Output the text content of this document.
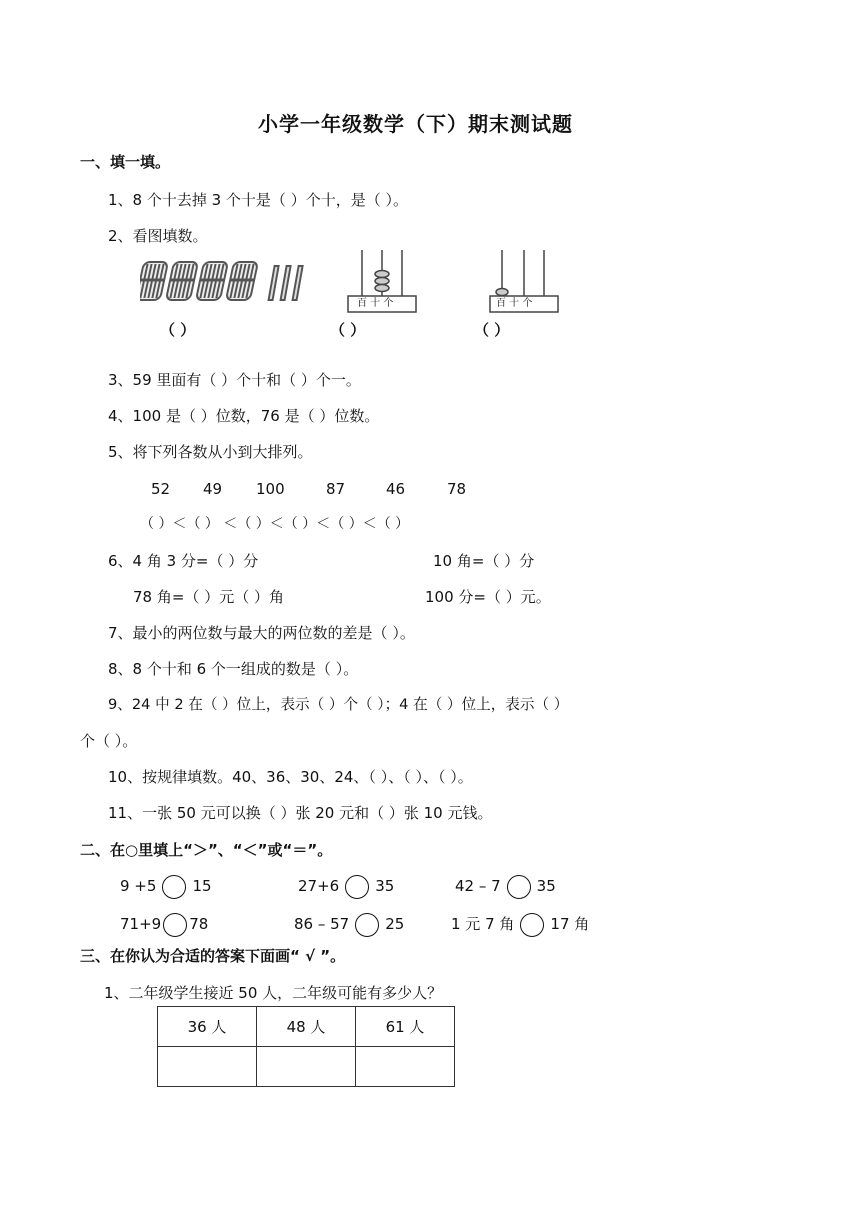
小学一年级数学（下）期末测试题
一、填一填。
1、8 个十去掉 3 个十是（ ）个十，是（ ）。
2、看图填数。
百 十 个	百 十 个
（ ）	（ ）	（ ）
3、59 里面有（ ）个十和（ ）个一。
4、100 是（ ）位数，76 是（ ）位数。
5、将下列各数从小到大排列。
52 49 100	87	46	78
（ ）＜（ ） ＜（ ）＜（ ）＜（ ）＜（ ）
6、4 角 3 分=（ ）分	10 角=（ ）分
78 角=（ ）元（ ）角	100 分=（ ）元。
7、最小的两位数与最大的两位数的差是（ ）。
8、8 个十和 6 个一组成的数是（ ）。
9、24 中 2 在（ ）位上，表示（ ）个（ ）；4 在（ ）位上，表示（ ）
个（ ）。
10、按规律填数。40、36、30、24、（ ）、（ ）、（ ）。
11、一张 50 元可以换（ ）张 20 元和（ ）张 10 元钱。
二、在○里填上“＞”、“＜”或“＝”。
9 +5 15	27+6 35	42 – 7 35
71+9 78	86 – 57 25	1 元 7 角 17 角
三、在你认为合适的答案下面画“ √ ”。
1、二年级学生接近 50 人，二年级可能有多少人？
36 人	48 人	61 人
